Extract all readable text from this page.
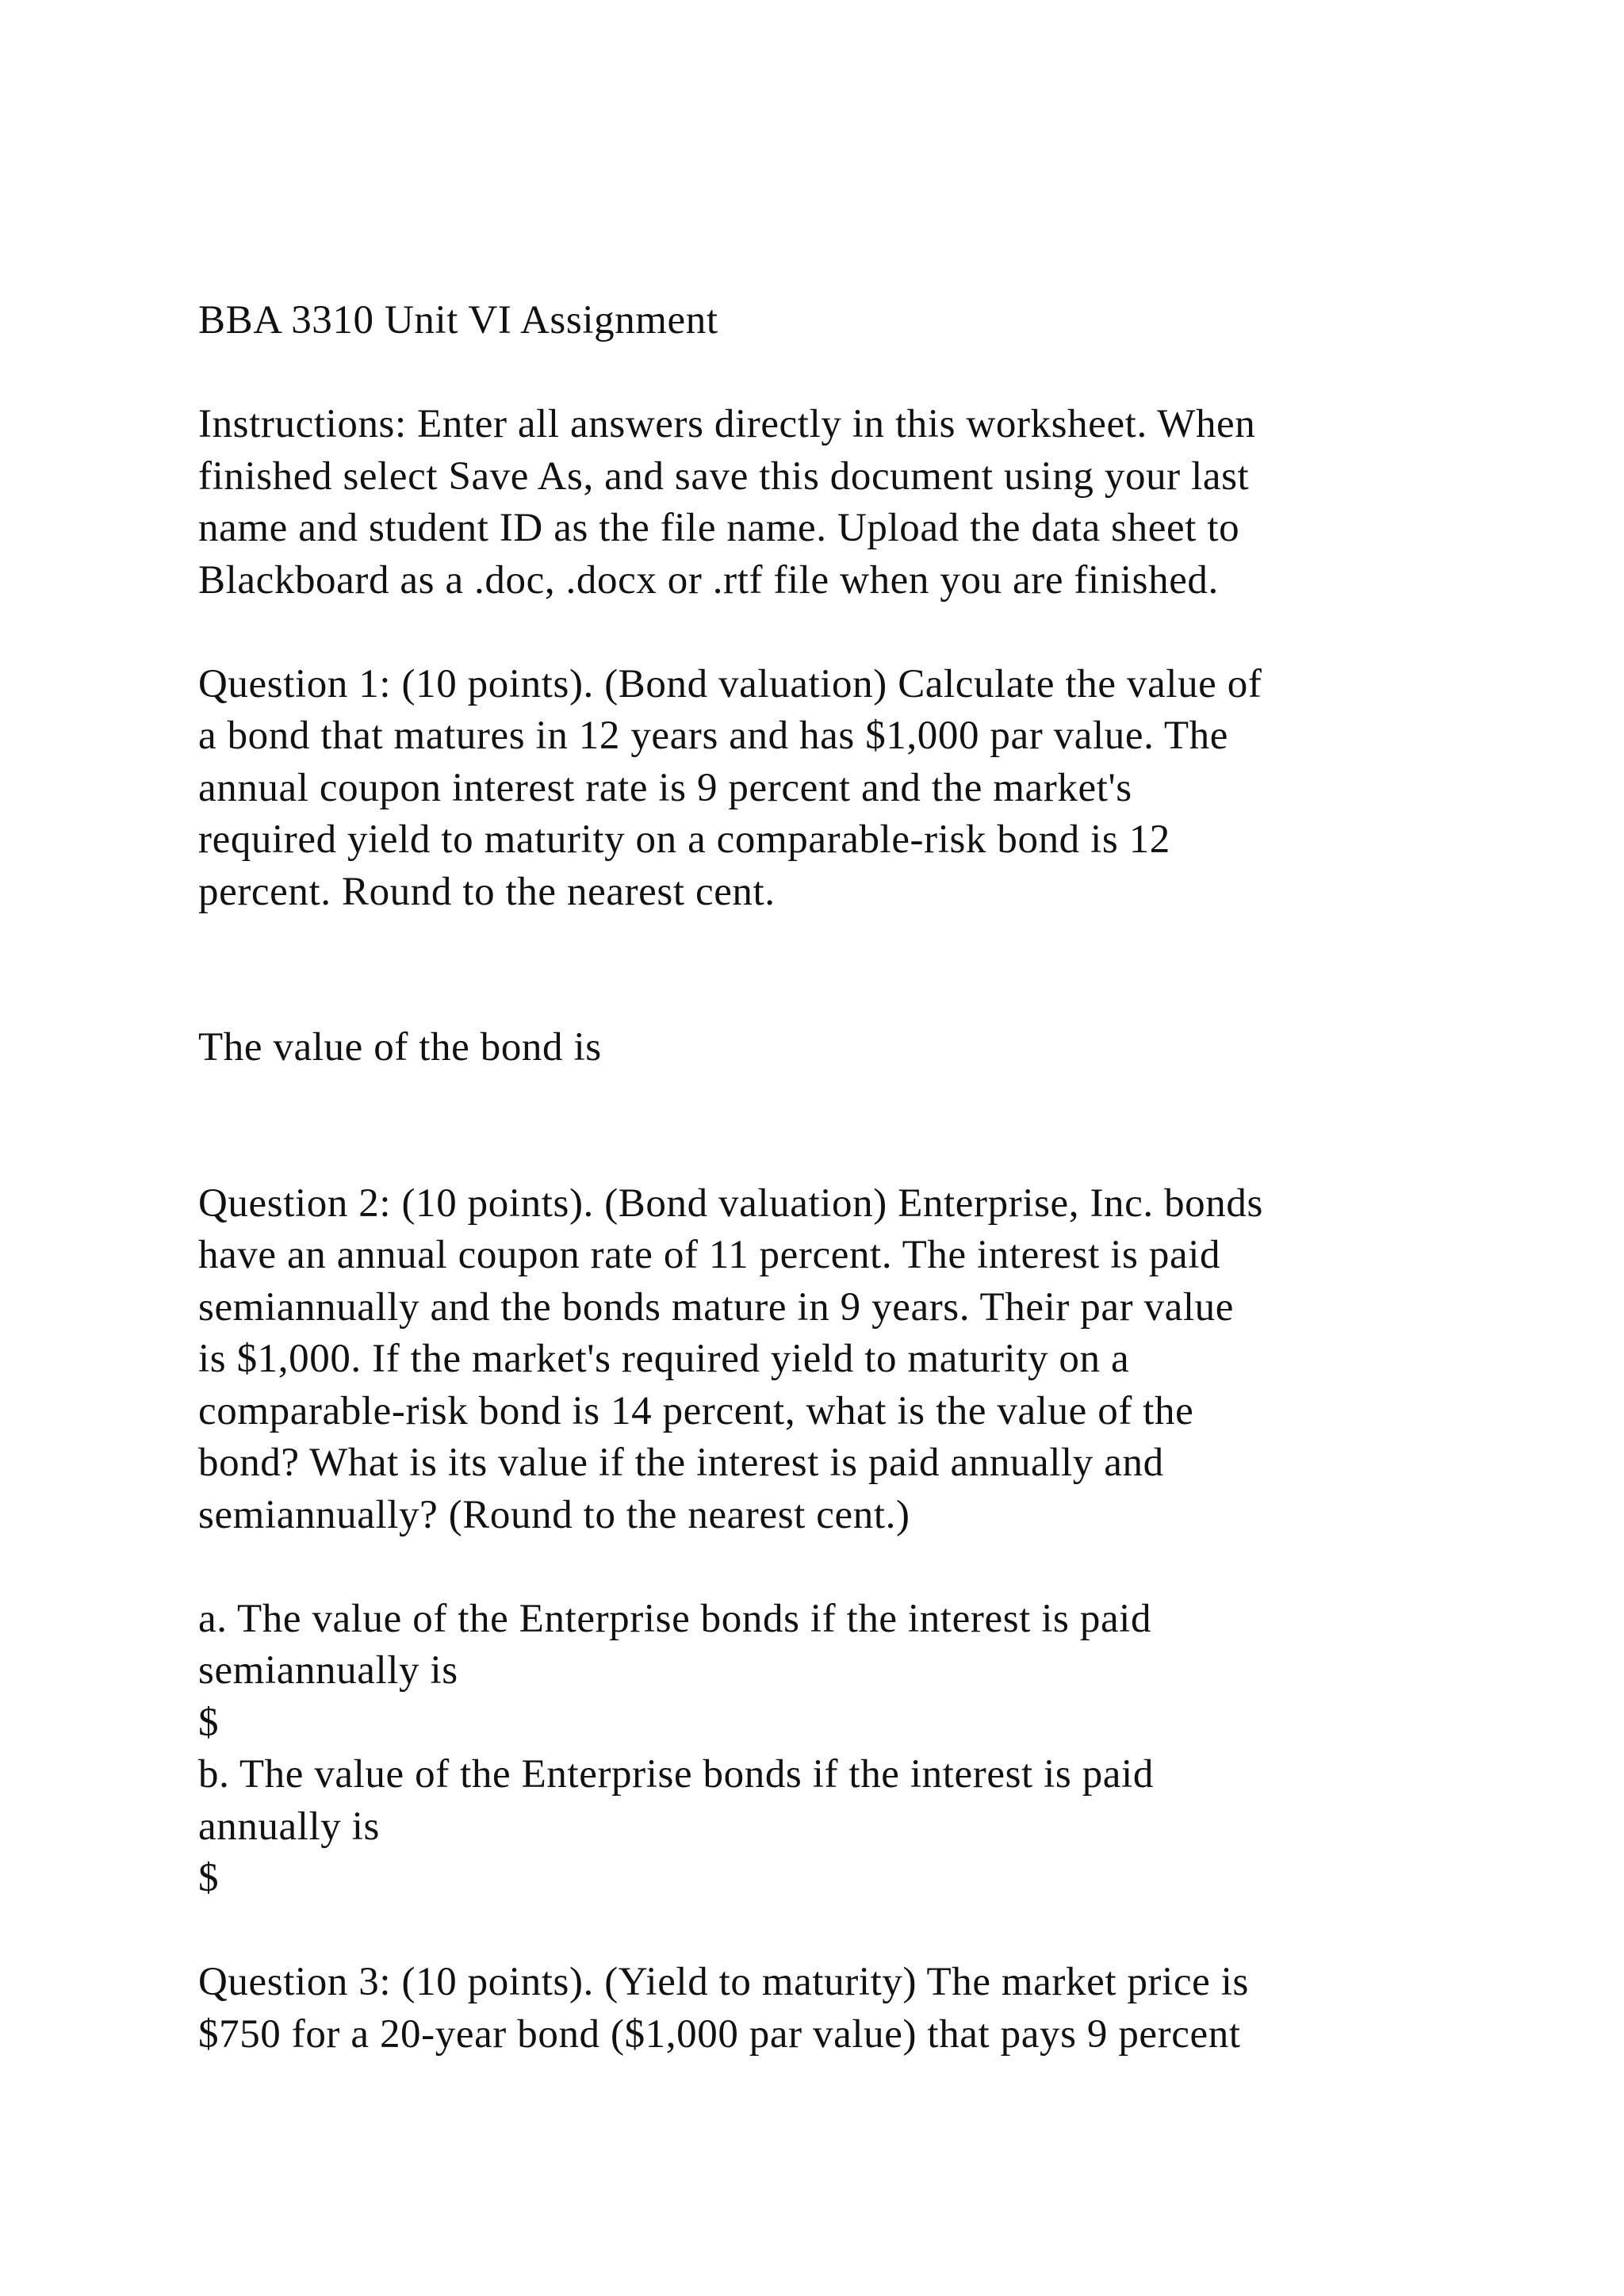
BBA 3310 Unit VI Assignment
Instructions: Enter all answers directly in this worksheet. When
finished select Save As, and save this document using your last
name and student ID as the file name. Upload the data sheet to
Blackboard as a .doc, .docx or .rtf file when you are finished.
Question 1: (10 points). (Bond valuation) Calculate the value of
a bond that matures in 12 years and has $1,000 par value. The
annual coupon interest rate is 9 percent and the market's
required yield to maturity on a comparable-risk bond is 12
percent. Round to the nearest cent.
The value of the bond is
Question 2: (10 points). (Bond valuation) Enterprise, Inc. bonds
have an annual coupon rate of 11 percent. The interest is paid
semiannually and the bonds mature in 9 years. Their par value
is $1,000. If the market's required yield to maturity on a
comparable-risk bond is 14 percent, what is the value of the
bond? What is its value if the interest is paid annually and
semiannually? (Round to the nearest cent.)
a. The value of the Enterprise bonds if the interest is paid
semiannually is
$
b. The value of the Enterprise bonds if the interest is paid
annually is
$
Question 3: (10 points). (Yield to maturity) The market price is
$750 for a 20-year bond ($1,000 par value) that pays 9 percent
